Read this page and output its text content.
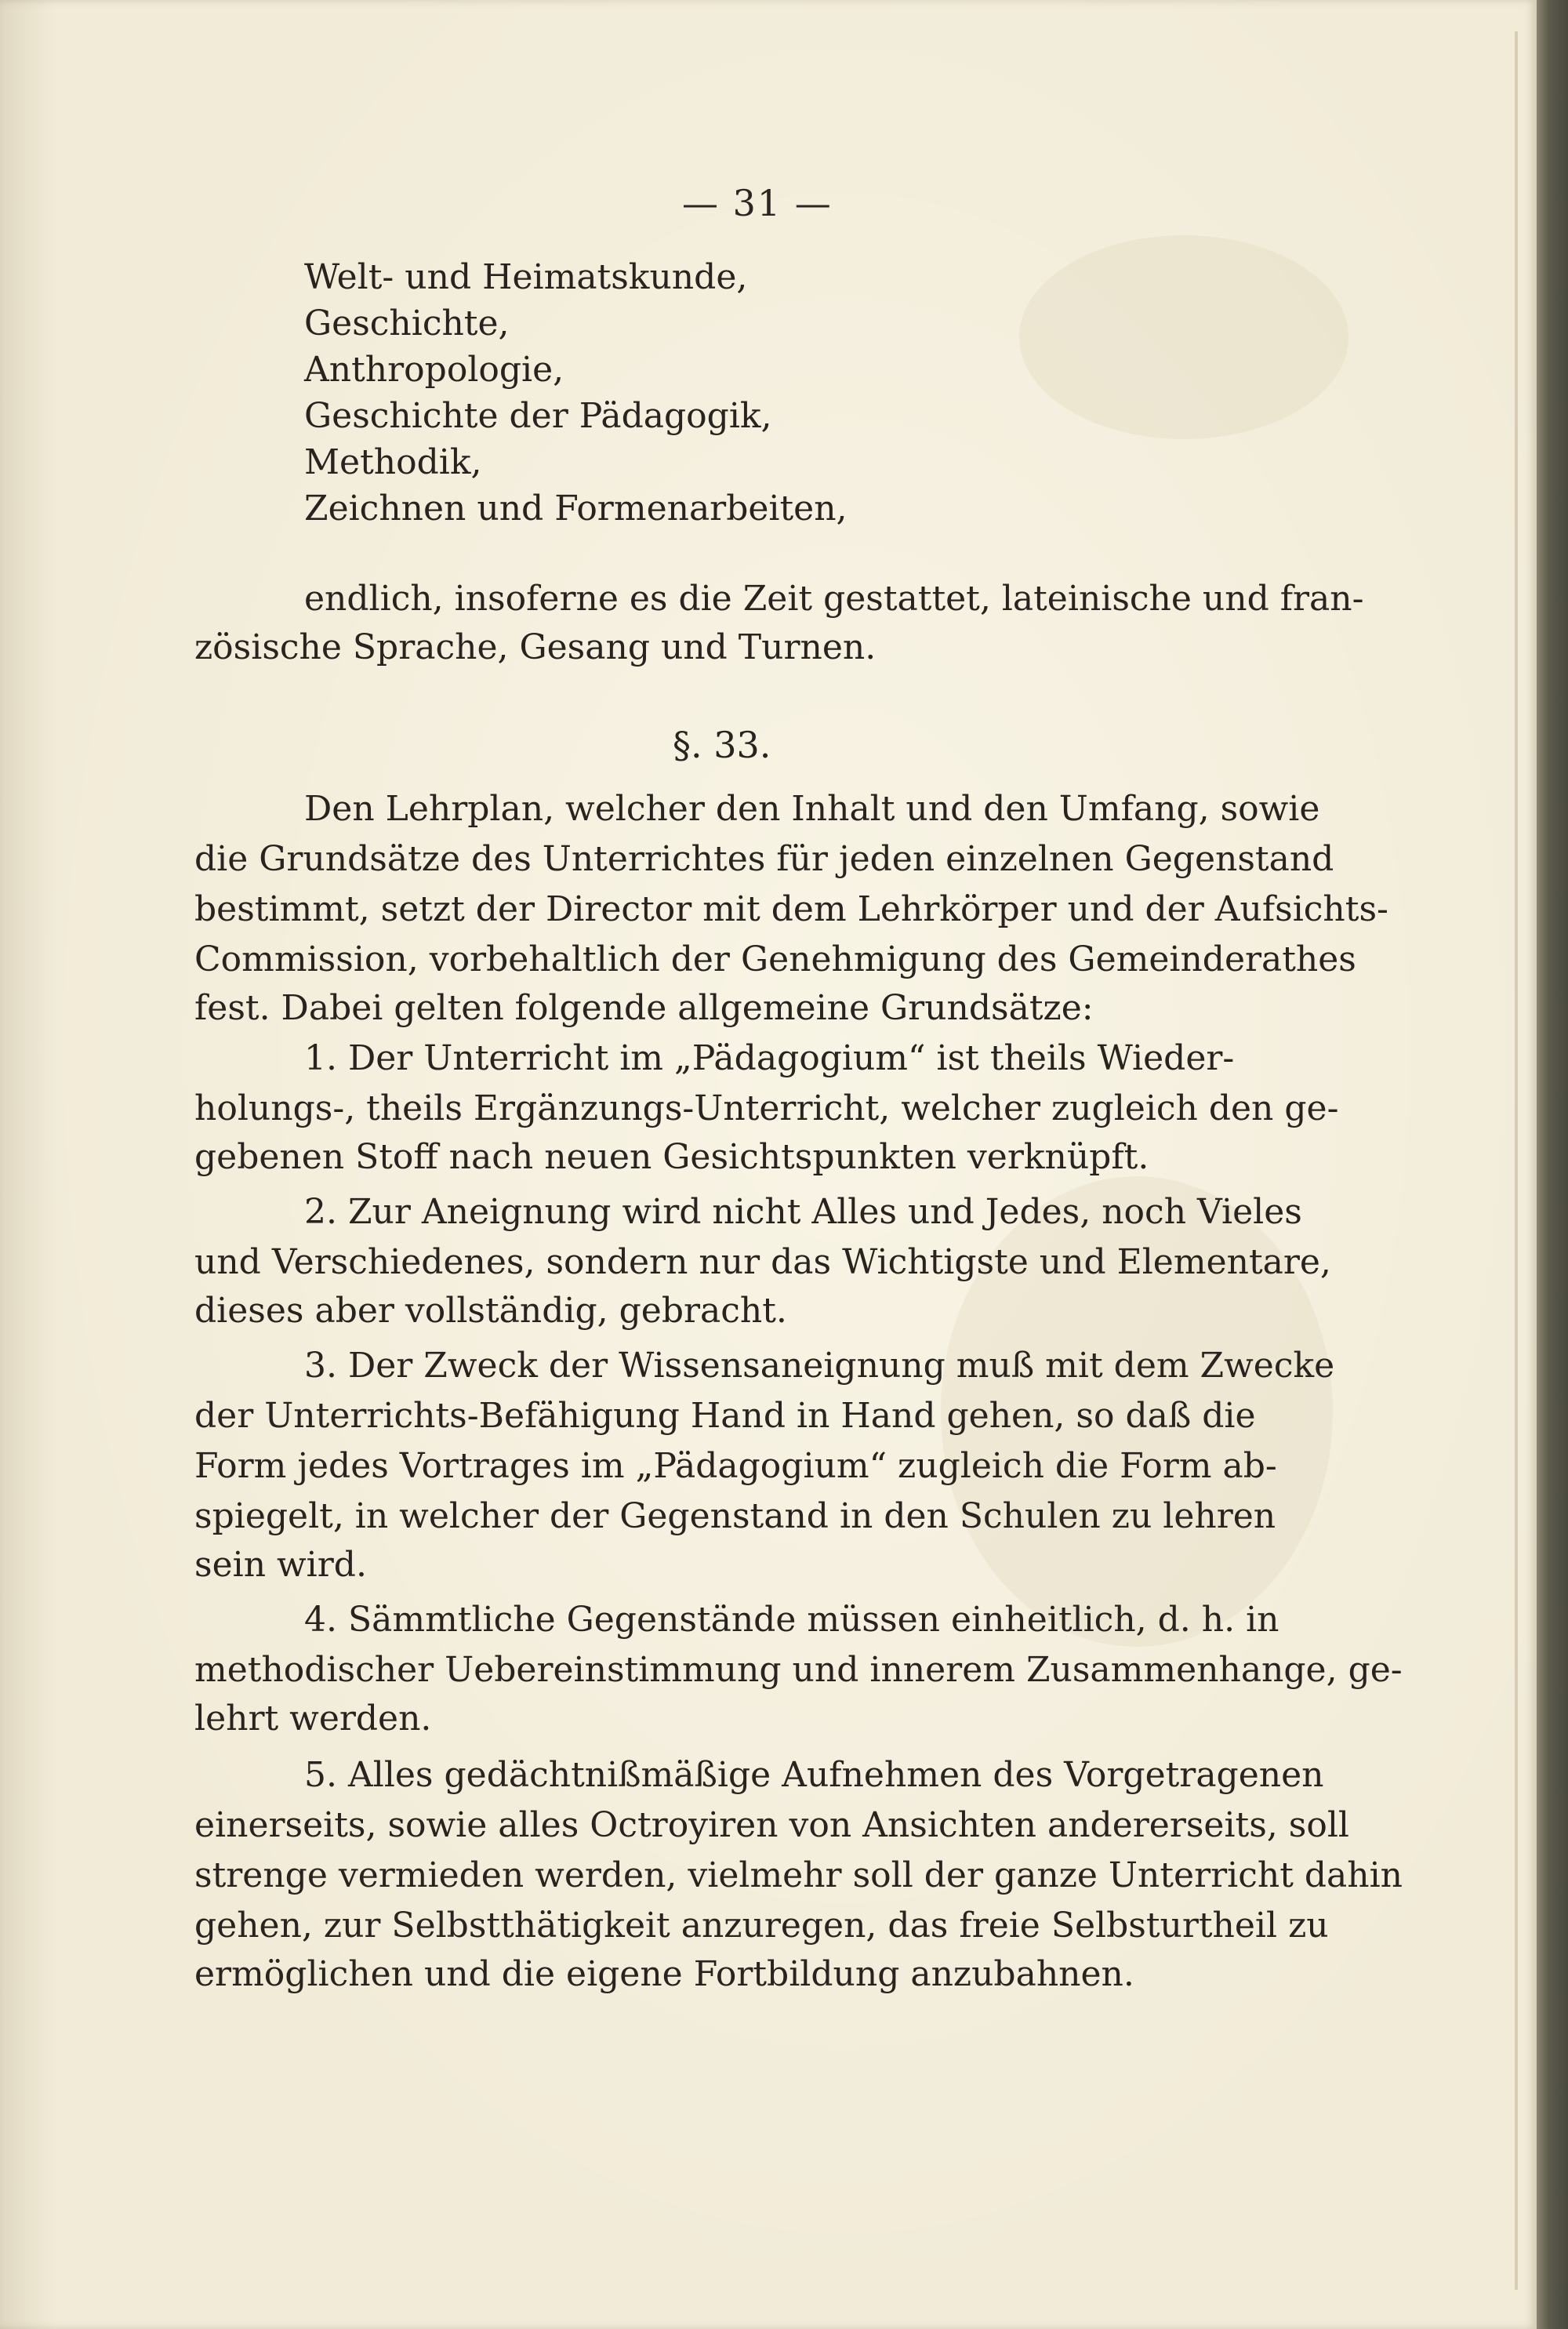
— 31 —
Welt- und Heimatskunde,
Geschichte,
Anthropologie,
Geschichte der Pädagogik,
Methodik,
Zeichnen und Formenarbeiten,
endlich, insoferne es die Zeit gestattet, lateinische und fran-
zösische Sprache, Gesang und Turnen.
§. 33.
Den Lehrplan, welcher den Inhalt und den Umfang, sowie
die Grundsätze des Unterrichtes für jeden einzelnen Gegenstand
bestimmt, setzt der Director mit dem Lehrkörper und der Aufsichts-
Commission, vorbehaltlich der Genehmigung des Gemeinderathes
fest. Dabei gelten folgende allgemeine Grundsätze:
1. Der Unterricht im „Pädagogium“ ist theils Wieder-
holungs-, theils Ergänzungs-Unterricht, welcher zugleich den ge-
gebenen Stoff nach neuen Gesichtspunkten verknüpft.
2. Zur Aneignung wird nicht Alles und Jedes, noch Vieles
und Verschiedenes, sondern nur das Wichtigste und Elementare,
dieses aber vollständig, gebracht.
3. Der Zweck der Wissensaneignung muß mit dem Zwecke
der Unterrichts-Befähigung Hand in Hand gehen, so daß die
Form jedes Vortrages im „Pädagogium“ zugleich die Form ab-
spiegelt, in welcher der Gegenstand in den Schulen zu lehren
sein wird.
4. Sämmtliche Gegenstände müssen einheitlich, d. h. in
methodischer Uebereinstimmung und innerem Zusammenhange, ge-
lehrt werden.
5. Alles gedächtnißmäßige Aufnehmen des Vorgetragenen
einerseits, sowie alles Octroyiren von Ansichten andererseits, soll
strenge vermieden werden, vielmehr soll der ganze Unterricht dahin
gehen, zur Selbstthätigkeit anzuregen, das freie Selbsturtheil zu
ermöglichen und die eigene Fortbildung anzubahnen.
